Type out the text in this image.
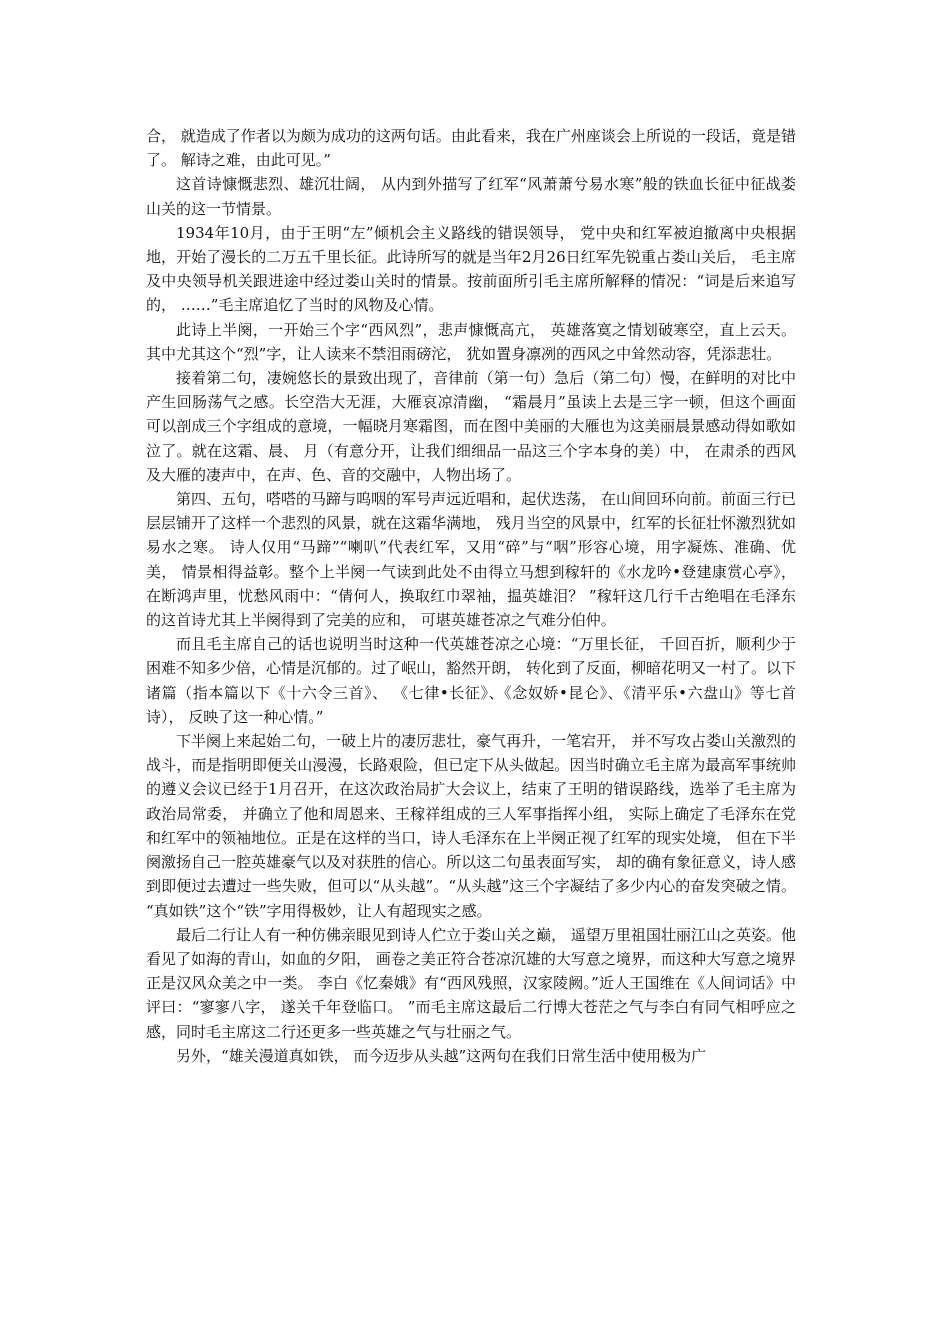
合， 就造成了作者以为颇为成功的这两句话。由此看来，我在广州座谈会上所说的一段话，竟是错了。 解诗之难，由此可见。”

这首诗慷慨悲烈、雄沉壮阔， 从内到外描写了红军“风萧萧兮易水寒”般的铁血长征中征战娄山关的这一节情景。

1934年10月，由于王明“左”倾机会主义路线的错误领导， 党中央和红军被迫撤离中央根据地，开始了漫长的二万五千里长征。此诗所写的就是当年2月26日红军先锐重占娄山关后， 毛主席及中央领导机关跟进途中经过娄山关时的情景。按前面所引毛主席所解释的情况：“词是后来追写的， ……”毛主席追忆了当时的风物及心情。

此诗上半阕，一开始三个字“西风烈”，悲声慷慨高亢， 英雄落寞之情划破寒空，直上云天。其中尤其这个“烈”字，让人读来不禁泪雨磅沱， 犹如置身凛冽的西风之中耸然动容，凭添悲壮。

接着第二句，凄婉悠长的景致出现了，音律前（第一句）急后（第二句）慢，在鲜明的对比中产生回肠荡气之感。长空浩大无涯，大雁哀凉清幽， “霜晨月”虽读上去是三字一顿，但这个画面可以剖成三个字组成的意境，一幅晓月寒霜图，而在图中美丽的大雁也为这美丽晨景感动得如歌如泣了。就在这霜、晨、 月（有意分开，让我们细细品一品这三个字本身的美）中， 在肃杀的西风及大雁的凄声中，在声、色、音的交融中，人物出场了。

第四、五句，嗒嗒的马蹄与呜咽的军号声远近唱和，起伏迭荡， 在山间回环向前。前面三行已层层铺开了这样一个悲烈的风景，就在这霜华满地， 残月当空的风景中，红军的长征壮怀激烈犹如易水之寒。 诗人仅用“马蹄”“喇叭”代表红军，又用“碎”与“咽”形容心境，用字凝炼、准确、优美， 情景相得益彰。整个上半阕一气读到此处不由得立马想到稼轩的《水龙吟•登建康赏心亭》， 在断鸿声里，忧愁风雨中：“倩何人，换取红巾翠袖，揾英雄泪？ ”稼轩这几行千古绝唱在毛泽东的这首诗尤其上半阕得到了完美的应和， 可堪英雄苍凉之气难分伯仲。

而且毛主席自己的话也说明当时这种一代英雄苍凉之心境：“万里长征， 千回百折，顺利少于困难不知多少倍，心情是沉郁的。过了岷山，豁然开朗， 转化到了反面，柳暗花明又一村了。以下诸篇（指本篇以下《十六令三首》、 《七律•长征》、《念奴娇•昆仑》、《清平乐•六盘山》等七首诗）， 反映了这一种心情。”

下半阕上来起始二句，一破上片的凄厉悲壮，豪气再升，一笔宕开， 并不写攻占娄山关激烈的战斗，而是指明即便关山漫漫，长路艰险，但已定下从头做起。因当时确立毛主席为最高军事统帅的遵义会议已经于1月召开，在这次政治局扩大会议上，结束了王明的错误路线，选举了毛主席为政治局常委， 并确立了他和周恩来、王稼祥组成的三人军事指挥小组， 实际上确定了毛泽东在党和红军中的领袖地位。正是在这样的当口，诗人毛泽东在上半阕正视了红军的现实处境， 但在下半阕激扬自己一腔英雄豪气以及对获胜的信心。所以这二句虽表面写实， 却的确有象征意义，诗人感到即便过去遭过一些失败，但可以“从头越”。“从头越”这三个字凝结了多少内心的奋发突破之情。 “真如铁”这个“铁”字用得极妙，让人有超现实之感。

最后二行让人有一种仿佛亲眼见到诗人伫立于娄山关之巅， 遥望万里祖国壮丽江山之英姿。他看见了如海的青山，如血的夕阳， 画卷之美正符合苍凉沉雄的大写意之境界，而这种大写意之境界正是汉风众美之中一类。 李白《忆秦娥》有“西风残照，汉家陵阙。”近人王国维在《人间词话》中评曰：“寥寥八字， 遂关千年登临口。 ”而毛主席这最后二行博大苍茫之气与李白有同气相呼应之感，同时毛主席这二行还更多一些英雄之气与壮丽之气。

另外，“雄关漫道真如铁， 而今迈步从头越”这两句在我们日常生活中使用极为广
